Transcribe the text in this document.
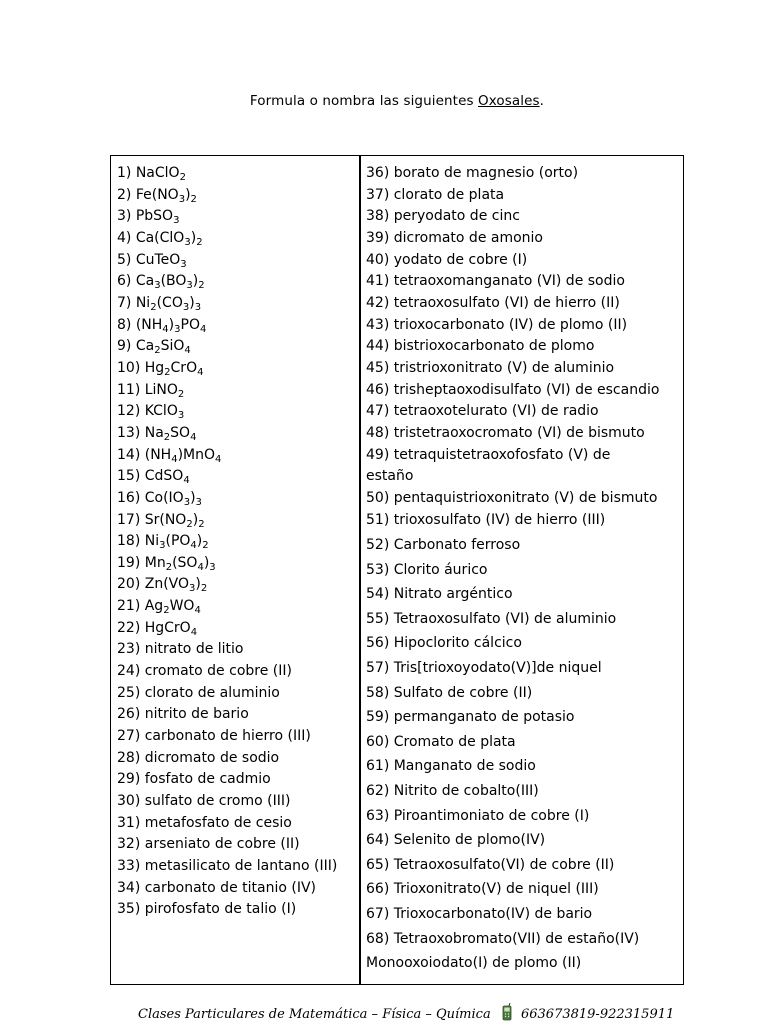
Formula o nombra las siguientes Oxosales.
1) NaClO$_2$
2) $Fe(NO_3)_2$
3) PbSO$_3$
4) $Ca(ClO_3)_2$
5) CuTeO$_3$
6) $Ca_3(BO_3)_2$
7) $Ni_2(CO_3)_3$
8) $(NH_4)_3PO_4$
9) $Ca_2SiO_4$
10) $Hg_2CrO_4$
11) LiNO$_2$
12) KClO$_3$
13) $Na_2SO_4$
14) $(NH_4)MnO_4$
15) CdSO$_4$
16) $Co(IO_3)_3$
17) $Sr(NO_2)_2$
18) $Ni_3(PO_4)_2$
19) $Mn_2(SO_4)_3$
20) $Zn(VO_3)_2$
21) $Ag_2WO_4$
22) HgCrO$_4$
23) nitrato de litio
24) cromato de cobre (II)
25) clorato de aluminio
26) nitrito de bario
27) carbonato de hierro (III)
28) dicromato de sodio
29) fosfato de cadmio
30) sulfato de cromo (III)
31) metafosfato de cesio
32) arseniato de cobre (II)
33) metasilicato de lantano (III)
34) carbonato de titanio (IV)
35) pirofosfato de talio (I)
36) borato de magnesio (orto)
37) clorato de plata
38) peryodato de cinc
39) dicromato de amonio
40) yodato de cobre (I)
41) tetraoxomanganato (VI) de sodio
42) tetraoxosulfato (VI) de hierro (II)
43) trioxocarbonato (IV) de plomo (II)
44) bistrioxocarbonato de plomo
45) tristrioxonitrato (V) de aluminio
46) trisheptaoxodisulfato (VI) de escandio
47) tetraoxotelurato (VI) de radio
48) tristetraoxocromato (VI) de bismuto
49) tetraquistetraoxofosfato (V) de
estaño
50) pentaquistrioxonitrato (V) de bismuto
51) trioxosulfato (IV) de hierro (III)
52) Carbonato ferroso
53) Clorito áurico
54) Nitrato argéntico
55) Tetraoxosulfato (VI) de aluminio
56) Hipoclorito cálcico
57) Tris[trioxoyodato(V)]de niquel
58) Sulfato de cobre (II)
59) permanganato de potasio
60) Cromato de plata
61) Manganato de sodio
62) Nitrito de cobalto(III)
63) Piroantimoniato de cobre (I)
64) Selenito de plomo(IV)
65) Tetraoxosulfato(VI) de cobre (II)
66) Trioxonitrato(V) de niquel (III)
67) Trioxocarbonato(IV) de bario
68) Tetraoxobromato(VII) de estaño(IV)
Monooxoiodato(I) de plomo (II)
Clases Particulares de Matemática – Física – Química 663673819-922315911
